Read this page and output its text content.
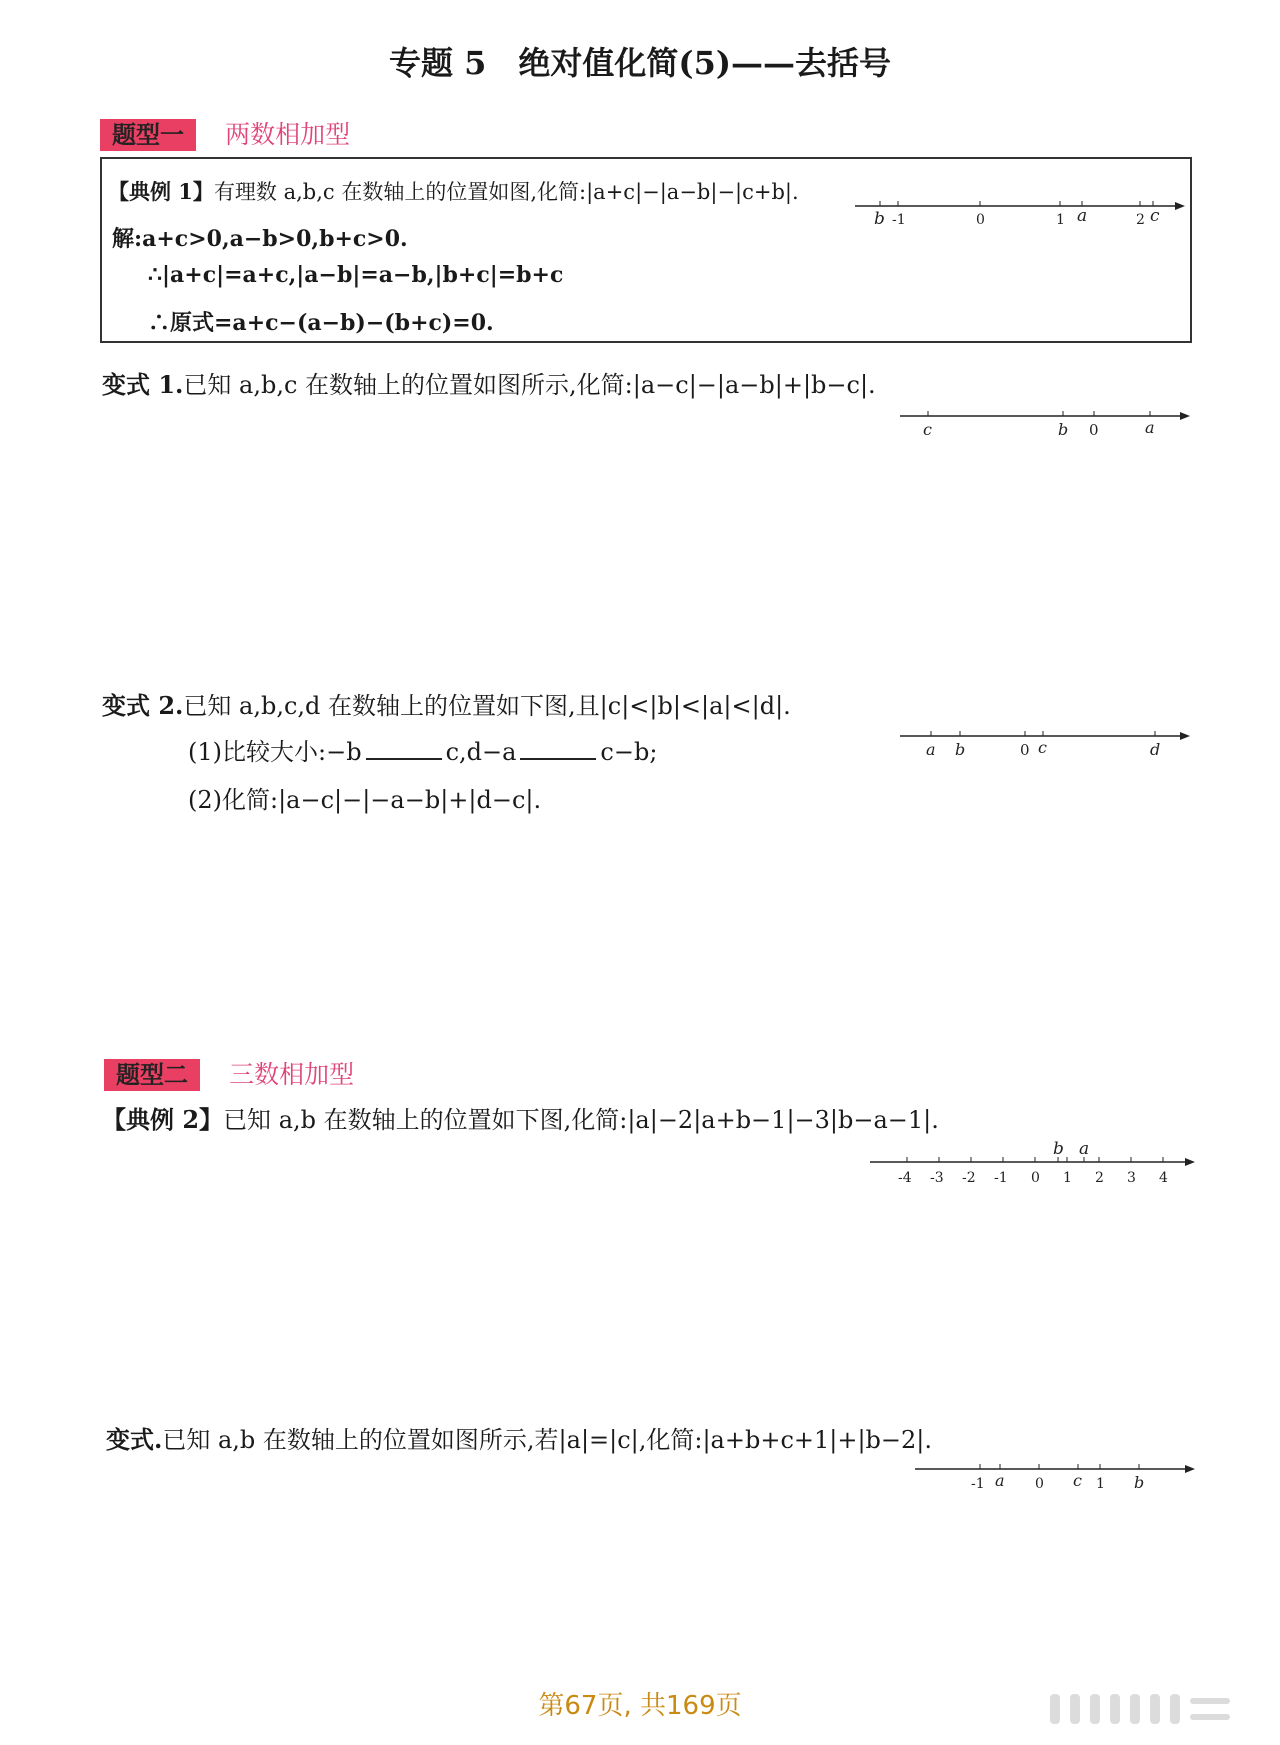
专题 5　绝对值化简(5)——去括号
题型一 两数相加型
【典例 1】有理数 a,b,c 在数轴上的位置如图,化简:|a+c|−|a−b|−|c+b|.
解:a+c>0,a−b>0,b+c>0.
∴|a+c|=a+c,|a−b|=a−b,|b+c|=b+c
∴原式=a+c−(a−b)−(b+c)=0.
b -1	0	1 a	2 c
变式 1.已知 a,b,c 在数轴上的位置如图所示,化简:|a−c|−|a−b|+|b−c|.
c	b 0	a
变式 2.已知 a,b,c,d 在数轴上的位置如下图,且|c|<|b|<|a|<|d|.
(1)比较大小:−b	c,d−a	c−b;
(2)化简:|a−c|−|−a−b|+|d−c|.
a b	0 c	d
题型二 三数相加型
【典例 2】已知 a,b 在数轴上的位置如下图,化简:|a|−2|a+b−1|−3|b−a−1|.
-4 -3 -2 -1 0 1 2 3 4
b a
变式.已知 a,b 在数轴上的位置如图所示,若|a|=|c|,化简:|a+b+c+1|+|b−2|.
-1 a 0 c 1 b
第67页, 共169页
